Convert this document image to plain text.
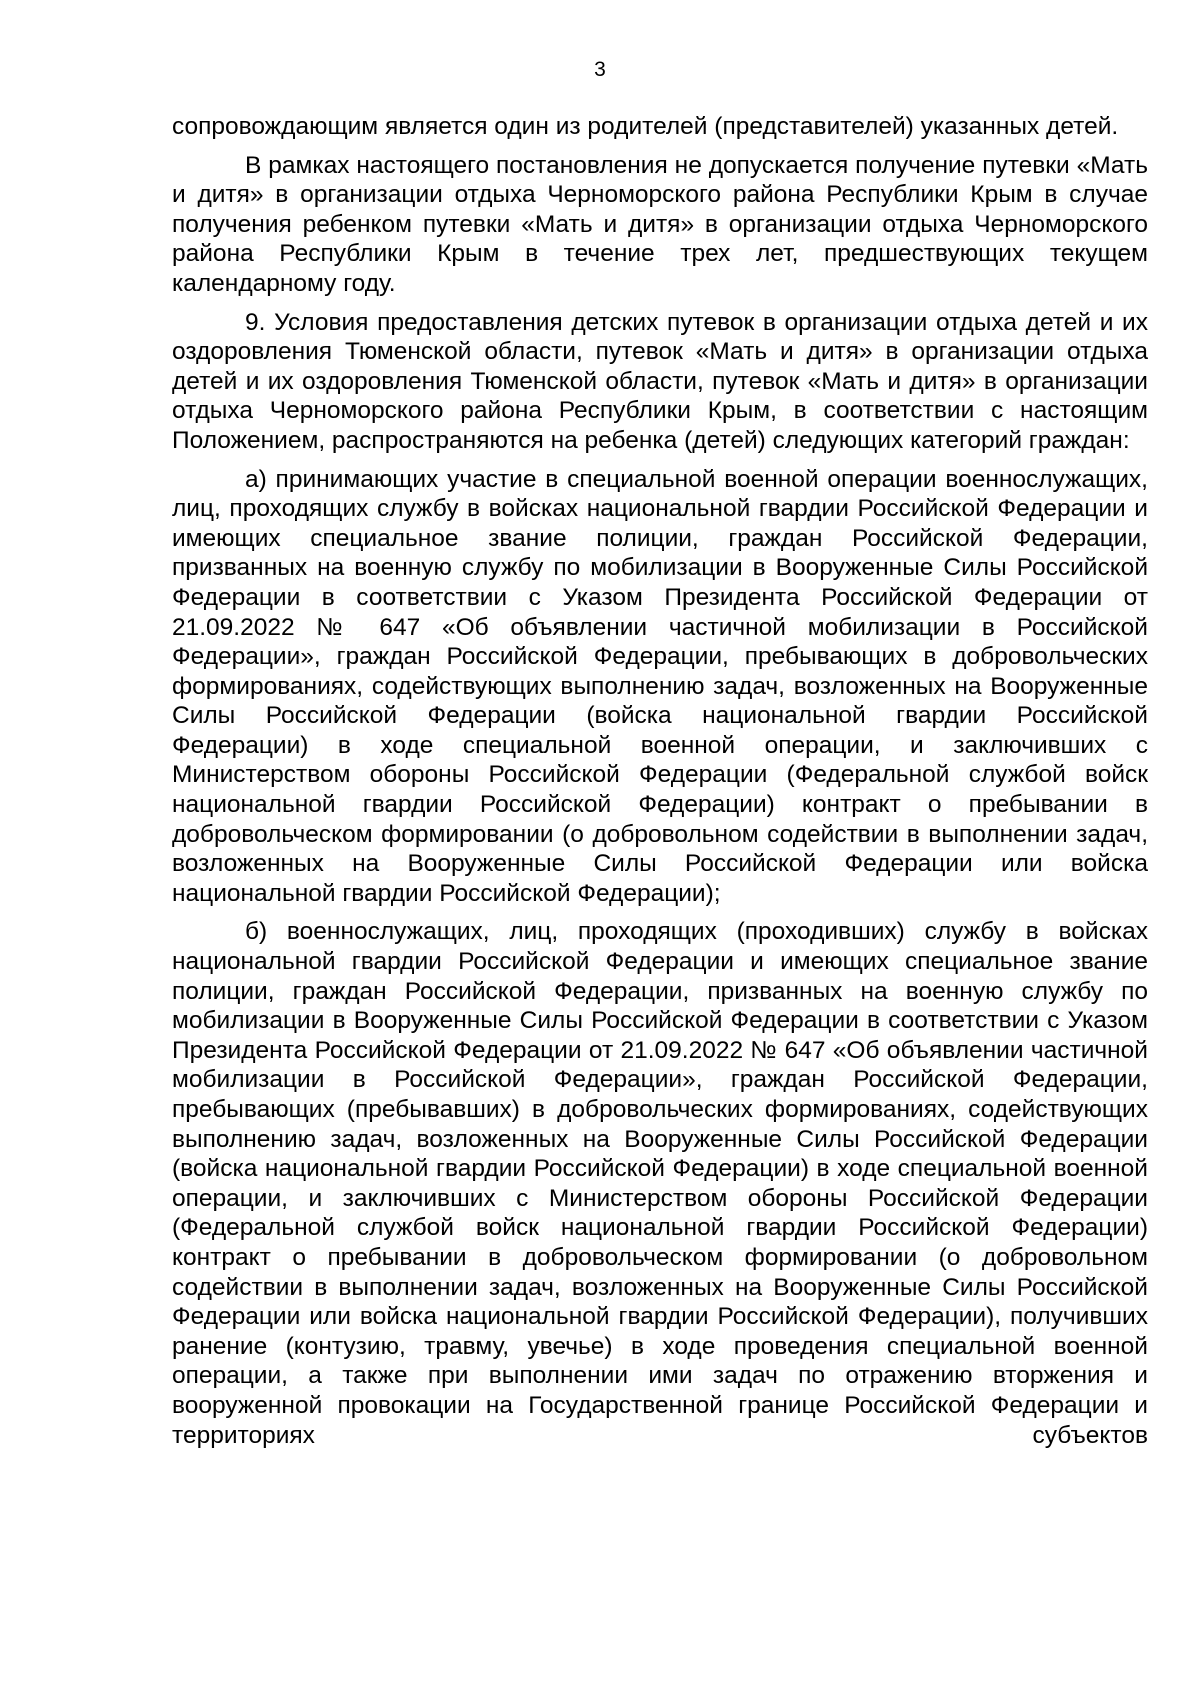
3

сопровождающим является один из родителей (представителей) указанных детей.

В рамках настоящего постановления не допускается получение путевки «Мать и дитя» в организации отдыха Черноморского района Республики Крым в случае получения ребенком путевки «Мать и дитя» в организации отдыха Черноморского района Республики Крым в течение трех лет, предшествующих текущем календарному году.

9. Условия предоставления детских путевок в организации отдыха детей и их оздоровления Тюменской области, путевок «Мать и дитя» в организации отдыха детей и их оздоровления Тюменской области, путевок «Мать и дитя» в организации отдыха Черноморского района Республики Крым, в соответствии с настоящим Положением, распространяются на ребенка (детей) следующих категорий граждан:

а) принимающих участие в специальной военной операции военнослужащих, лиц, проходящих службу в войсках национальной гвардии Российской Федерации и имеющих специальное звание полиции, граждан Российской Федерации, призванных на военную службу по мобилизации в Вооруженные Силы Российской Федерации в соответствии с Указом Президента Российской Федерации от 21.09.2022 № 647 «Об объявлении частичной мобилизации в Российской Федерации», граждан Российской Федерации, пребывающих в добровольческих формированиях, содействующих выполнению задач, возложенных на Вооруженные Силы Российской Федерации (войска национальной гвардии Российской Федерации) в ходе специальной военной операции, и заключивших с Министерством обороны Российской Федерации (Федеральной службой войск национальной гвардии Российской Федерации) контракт о пребывании в добровольческом формировании (о добровольном содействии в выполнении задач, возложенных на Вооруженные Силы Российской Федерации или войска национальной гвардии Российской Федерации);

б) военнослужащих, лиц, проходящих (проходивших) службу в войсках национальной гвардии Российской Федерации и имеющих специальное звание полиции, граждан Российской Федерации, призванных на военную службу по мобилизации в Вооруженные Силы Российской Федерации в соответствии с Указом Президента Российской Федерации от 21.09.2022 № 647 «Об объявлении частичной мобилизации в Российской Федерации», граждан Российской Федерации, пребывающих (пребывавших) в добровольческих формированиях, содействующих выполнению задач, возложенных на Вооруженные Силы Российской Федерации (войска национальной гвардии Российской Федерации) в ходе специальной военной операции, и заключивших с Министерством обороны Российской Федерации (Федеральной службой войск национальной гвардии Российской Федерации) контракт о пребывании в добровольческом формировании (о добровольном содействии в выполнении задач, возложенных на Вооруженные Силы Российской Федерации или войска национальной гвардии Российской Федерации), получивших ранение (контузию, травму, увечье) в ходе проведения специальной военной операции, а также при выполнении ими задач по отражению вторжения и вооруженной провокации на Государственной границе Российской Федерации и территориях субъектов
